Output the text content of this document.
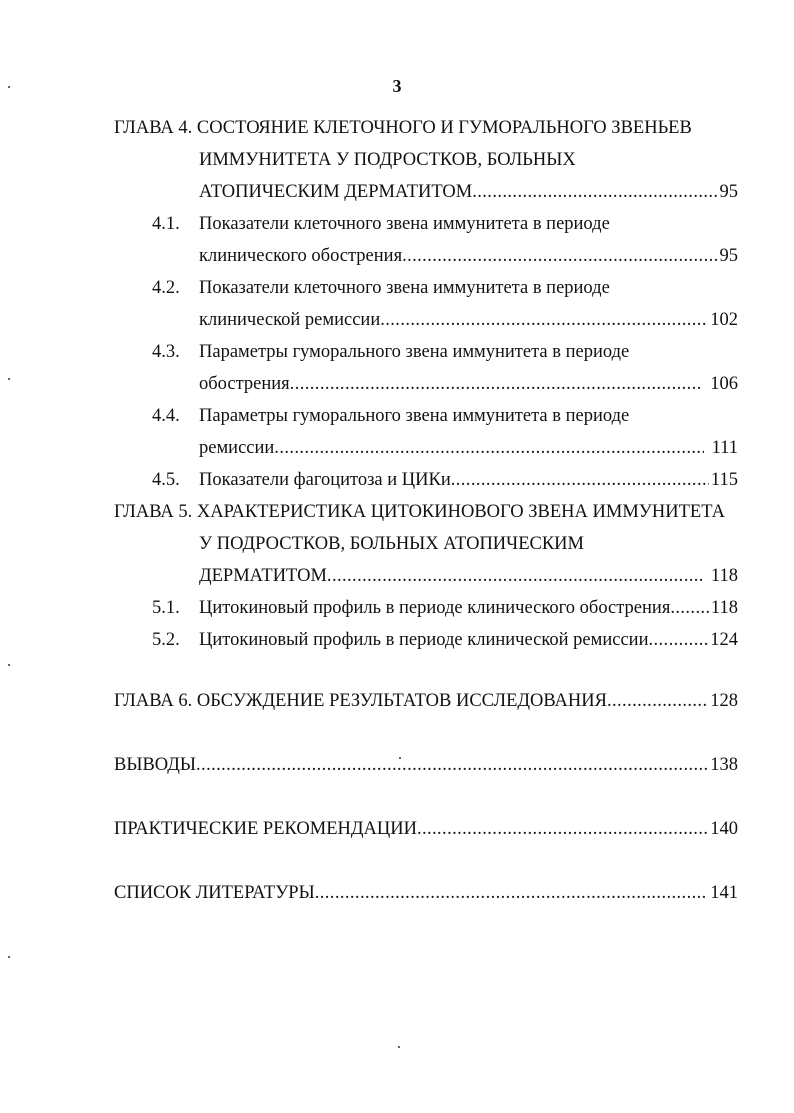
3
ГЛАВА 4. СОСТОЯНИЕ КЛЕТОЧНОГО И ГУМОРАЛЬНОГО ЗВЕНЬЕВ
ИММУНИТЕТА У ПОДРОСТКОВ, БОЛЬНЫХ
АТОПИЧЕСКИМ ДЕРМАТИТОМ .....	95
4.1. Показатели клеточного звена иммунитета в периоде
клинического обострения .....	95
4.2. Показатели клеточного звена иммунитета в периоде
клинической ремиссии .....	102
4.3. Параметры гуморального звена иммунитета в периоде
обострения .....	106
4.4. Параметры гуморального звена иммунитета в периоде
ремиссии .....	111
4.5.	Показатели фагоцитоза и ЦИКи .....	115
ГЛАВА 5. ХАРАКТЕРИСТИКА ЦИТОКИНОВОГО ЗВЕНА ИММУНИТЕТА
У ПОДРОСТКОВ, БОЛЬНЫХ АТОПИЧЕСКИМ
ДЕРМАТИТОМ .....	118
5.1.	Цитокиновый профиль в периоде клинического обострения ..... 118
5.2.	Цитокиновый профиль в периоде клинической ремиссии .....	124
ГЛАВА 6. ОБСУЖДЕНИЕ РЕЗУЛЬТАТОВ ИССЛЕДОВАНИЯ .....	128
ВЫВОДЫ .....	138
ПРАКТИЧЕСКИЕ РЕКОМЕНДАЦИИ .....	140
СПИСОК ЛИТЕРАТУРЫ .....	141
